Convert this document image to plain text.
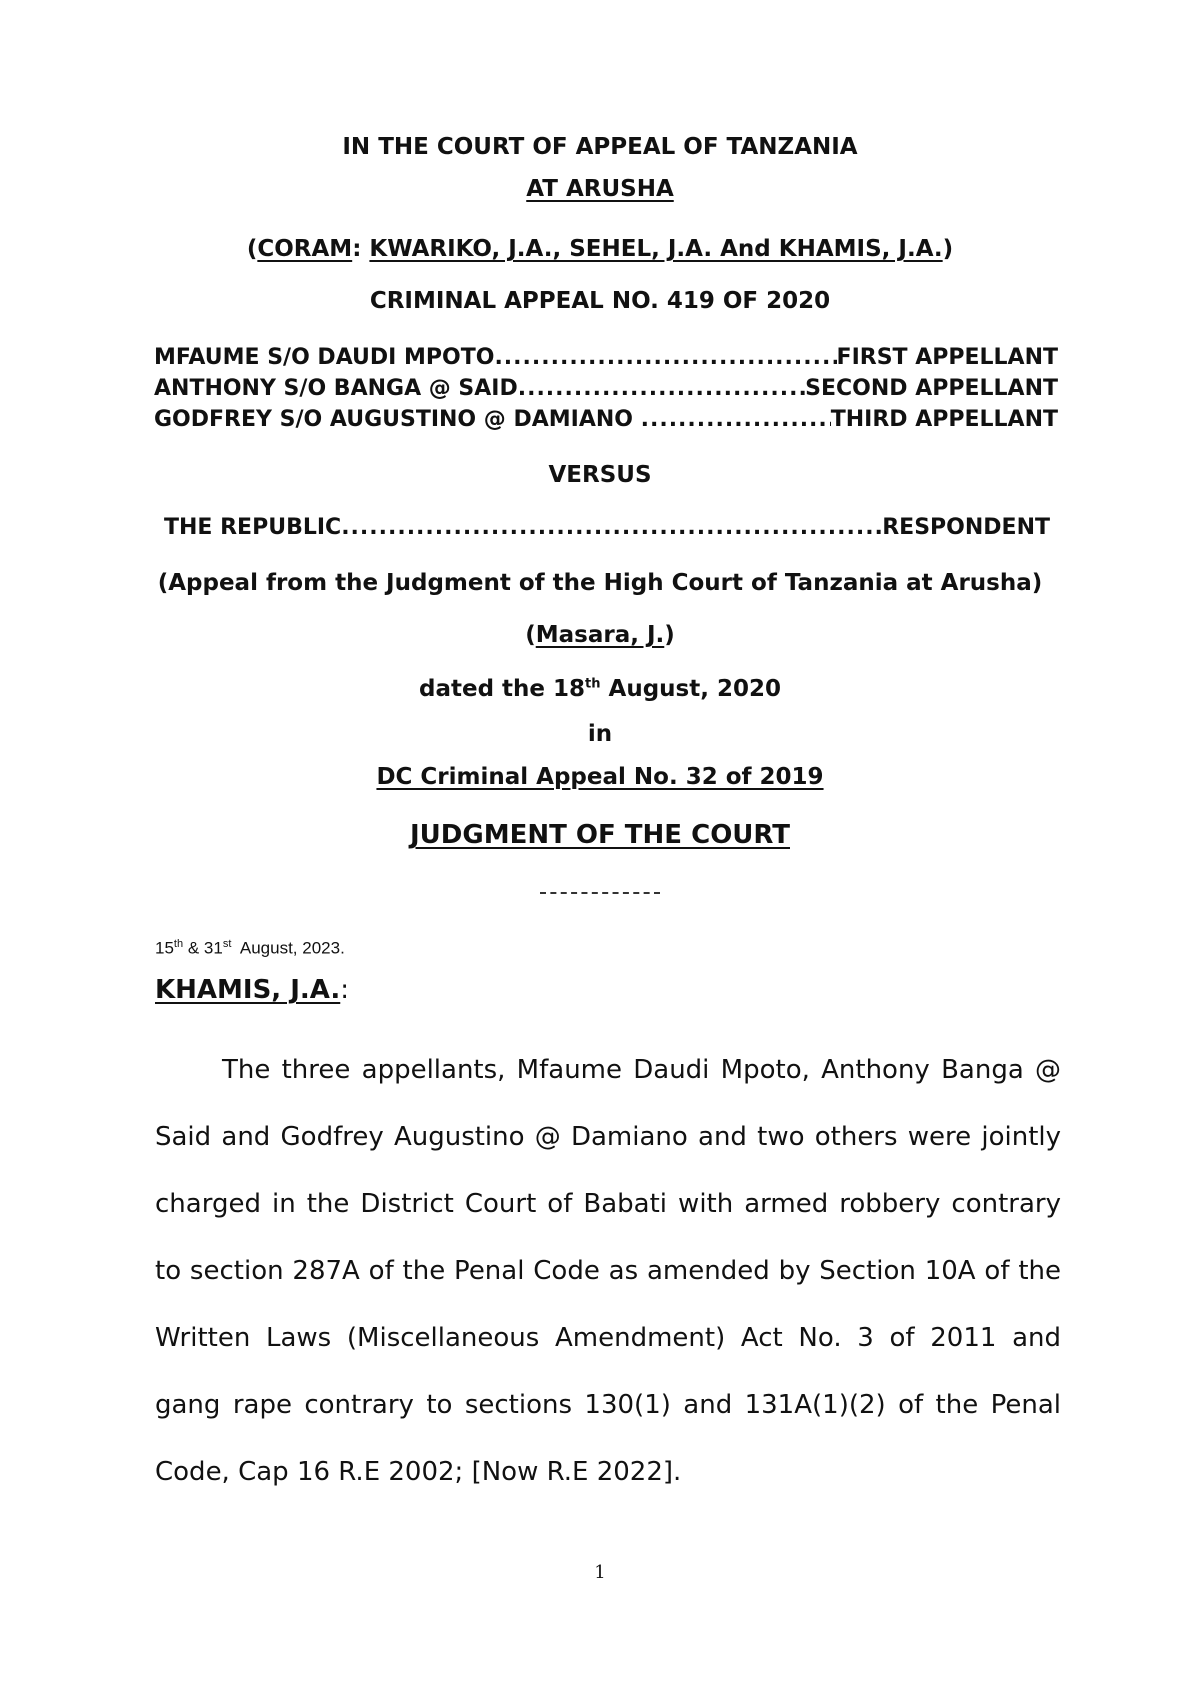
IN THE COURT OF APPEAL OF TANZANIA
AT ARUSHA
(CORAM: KWARIKO, J.A., SEHEL, J.A. And KHAMIS, J.A.)
CRIMINAL APPEAL NO. 419 OF 2020
MFAUME S/O DAUDI MPOTO .....	FIRST APPELLANT
ANTHONY S/O BANGA @ SAID .....	SECOND APPELLANT
GODFREY S/O AUGUSTINO @ DAMIANO .....	THIRD APPELLANT
VERSUS
THE REPUBLIC .....	RESPONDENT
(Appeal from the Judgment of the High Court of Tanzania at Arusha)
(Masara, J.)
dated the 18th August, 2020
in
DC Criminal Appeal No. 32 of 2019
JUDGMENT OF THE COURT
15th & 31st  August, 2023.
KHAMIS, J.A.:

The three appellants, Mfaume Daudi Mpoto, Anthony Banga @ Said and Godfrey Augustino @ Damiano and two others were jointly charged in the District Court of Babati with armed robbery contrary to section 287A of the Penal Code as amended by Section 10A of the Written Laws (Miscellaneous Amendment) Act No. 3 of 2011 and gang rape contrary to sections 130(1) and 131A(1)(2) of the Penal Code, Cap 16 R.E 2002; [Now R.E 2022].

1
